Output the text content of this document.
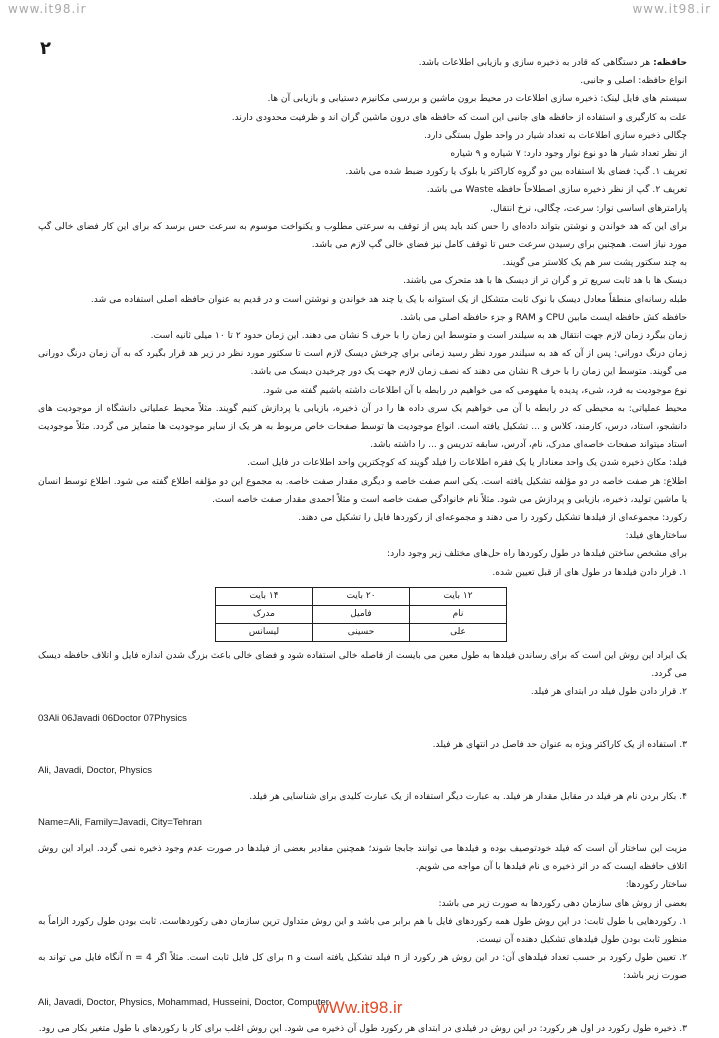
www.it98.ir	www.it98.ir
۲

حافظه: هر دستگاهی که قادر به ذخیره سازی و بازیابی اطلاعات باشد.

انواع حافظه: اصلی و جانبی.

سیستم های فایل لینک: ذخیره سازی اطلاعات در محیط برون ماشین و بررسی مکانیزم دستیابی و بازیابی آن ها.

علت به کارگیری و استفاده از حافظه های جانبی این است که حافظه های درون ماشین گران اند و ظرفیت محدودی دارند.

چگالی ذخیره سازی اطلاعات به تعداد شیار در واحد طول بستگی دارد.

از نظر تعداد شیار ها دو نوع نوار وجود دارد: ۷ شیاره و ۹ شیاره

تعریف ۱. گپ: فضای بلا استفاده بین دو گروه کاراکتر یا بلوک یا رکورد ضبط شده می باشد.

تعریف ۲. گپ از نظر ذخیره سازی اصطلاحاً حافظه Waste می باشد.

پارامترهای اساسی نوار: سرعت، چگالی، نرخ انتقال.

برای این که هد خواندن و نوشتن بتواند داده‌ای را حس کند باید پس از توقف به سرعتی مطلوب و یکنواخت موسوم به سرعت حس برسد که برای این کار فضای خالی گپ مورد نیاز است. همچنین برای رسیدن سرعت حس تا توقف کامل نیز فضای خالی گپ لازم می باشد.

به چند سکتور پشت سر هم یک کلاستر می گویند.

دیسک ها با هد ثابت سریع تر و گران تر از دیسک ها با هد متحرک می باشند.

طبله رسانه‌ای منطقاً معادل دیسک با نوک ثابت متشکل از یک استوانه با یک یا چند هد خواندن و نوشتن است و در قدیم به عنوان حافظه اصلی استفاده می شد.

حافظه کش حافظه ایست مابین CPU و RAM و جزء حافظه اصلی می باشد.

زمان بیگرد زمان لازم جهت انتقال هد به سیلندر است و متوسط این زمان را با حرف S نشان می دهند. این زمان حدود ۲ تا ۱۰ میلی ثانیه است.

زمان درنگ دورانی: پس از آن که هد به سیلندر مورد نظر رسید زمانی برای چرخش دیسک لازم است تا سکتور مورد نظر در زیر هد قرار بگیرد که به آن زمان درنگ دورانی می گویند. متوسط این زمان را با حرف R نشان می دهند که نصف زمان لازم جهت یک دور چرخیدن دیسک می باشد.

نوع موجودیت به فرد، شیء، پدیده یا مفهومی که می خواهیم در رابطه با آن اطلاعات داشته باشیم گفته می شود.

محیط عملیاتی: به محیطی که در رابطه با آن می خواهیم یک سری داده ها را در آن ذخیره، بازیابی یا پردازش کنیم گویند. مثلاً محیط عملیاتی دانشگاه از موجودیت های دانشجو، استاد، درس، کارمند، کلاس و ... تشکیل یافته است. انواع موجودیت ها توسط صفحات خاص مربوط به هر یک از سایر موجودیت ها متمایز می گردد. مثلاً موجودیت استاد میتواند صفحات خاصه‌ای مدرک، نام، آدرس، سابقه تدریس و ... را داشته باشد.

فیلد: مکان ذخیره شدن یک واحد معنادار یا یک فقره اطلاعات را فیلد گویند که کوچکترین واحد اطلاعات در فایل است.

اطلاع: هر صفت خاصه در دو مؤلفه تشکیل یافته است. یکی اسم صفت خاصه و دیگری مقدار صفت خاصه. به مجموع این دو مؤلفه اطلاع گفته می شود. اطلاع توسط انسان یا ماشین تولید، ذخیره، بازیابی و پردازش می شود. مثلاً نام خانوادگی صفت خاصه است و مثلاً احمدی مقدار صفت خاصه است.

رکورد: مجموعه‌ای از فیلدها تشکیل رکورد را می دهند و مجموعه‌ای از رکوردها فایل را تشکیل می دهند.

ساختارهای فیلد:

برای مشخص ساختن فیلدها در طول رکوردها راه حل‌های مختلف زیر وجود دارد:

۱. قرار دادن فیلدها در طول های از قبل تعیین شده.

۱۲ بایت	۲۰ بایت	۱۴ بایت
نام	فامیل	مدرک
علی	حسینی	لیسانس

یک ایراد این روش این است که برای رساندن فیلدها به طول معین می بایست از فاصله خالی استفاده شود و فضای خالی باعث بزرگ شدن اندازه فایل و اتلاف حافظه دیسک می گردد.

۲. قرار دادن طول فیلد در ابتدای هر فیلد.

03Ali 06Javadi 06Doctor 07Physics

۳. استفاده از یک کاراکتر ویژه به عنوان حد فاصل در انتهای هر فیلد.

Ali, Javadi, Doctor, Physics

۴. بکار بردن نام هر فیلد در مقابل مقدار هر فیلد. به عبارت دیگر استفاده از یک عبارت کلیدی برای شناسایی هر فیلد.

Name=Ali, Family=Javadi, City=Tehran

مزیت این ساختار آن است که فیلد خودتوصیف بوده و فیلدها می توانند جابجا شوند؛ همچنین مقادیر بعضی از فیلدها در صورت عدم وجود ذخیره نمی گردد. ایراد این روش اتلاف حافظه ایست که در اثر ذخیره ی نام فیلدها با آن مواجه می شویم.

ساختار رکوردها:

بعضی از روش های سازمان دهی رکوردها به صورت زیر می باشد:

۱. رکوردهایی با طول ثابت: در این روش طول همه رکوردهای فایل با هم برابر می باشد و این روش متداول ترین سازمان دهی رکوردهاست. ثابت بودن طول رکورد الزاماً به منظور ثابت بودن طول فیلدهای تشکیل دهنده آن نیست.

۲. تعیین طول رکورد بر حسب تعداد فیلدهای آن: در این روش هر رکورد از n فیلد تشکیل یافته است و n برای کل فایل ثابت است. مثلاً اگر n = 4 آنگاه فایل می تواند به صورت زیر باشد:

Ali, Javadi, Doctor, Physics, Mohammad, Husseini, Doctor, Computer

۳. ذخیره طول رکورد در اول هر رکورد: در این روش در فیلدی در ابتدای هر رکورد طول آن ذخیره می شود. این روش اغلب برای کار با رکوردهای با طول متغیر بکار می رود.

wWw.it98.ir
